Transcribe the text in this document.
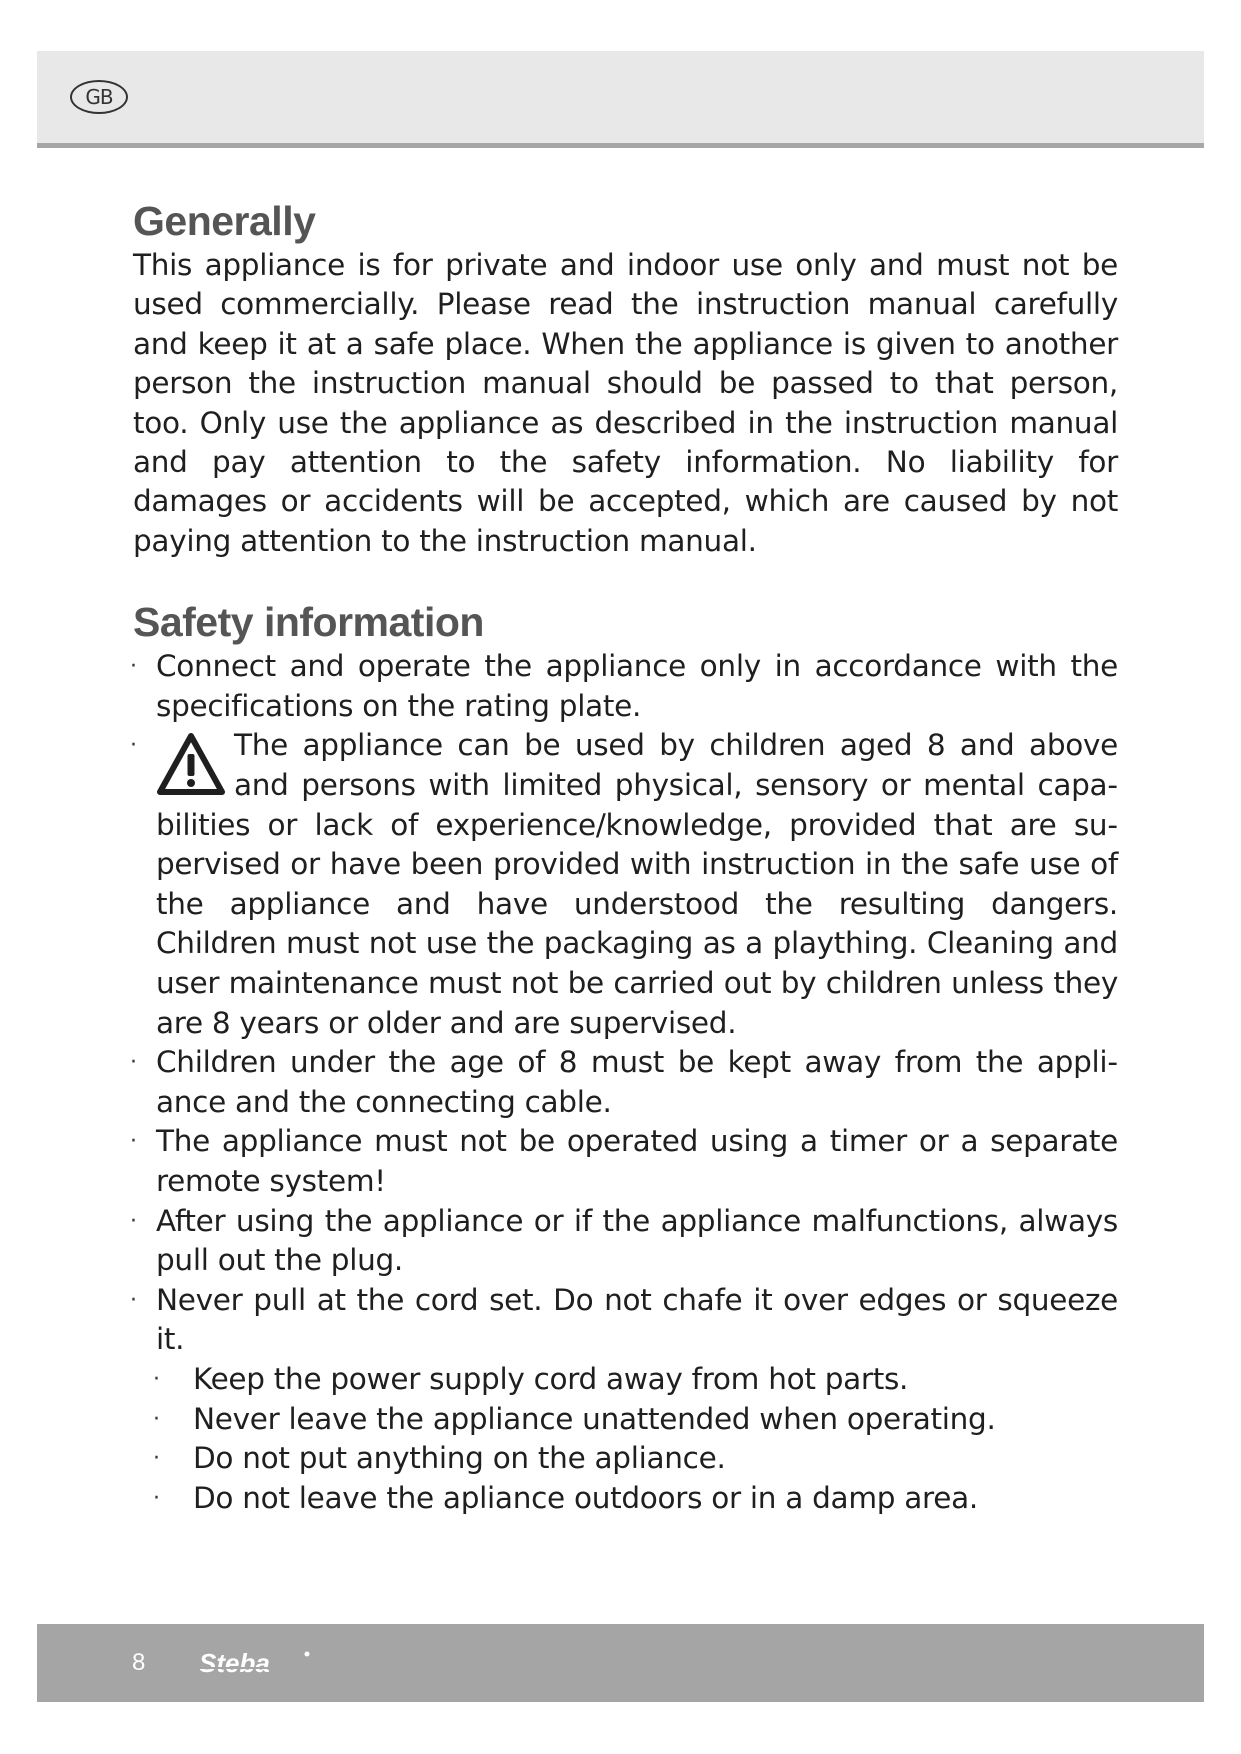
GB
Generally

This appliance is for private and indoor use only and must not be used commercially. Please read the instruction manual carefully and keep it at a safe place. When the appliance is given to another person the instruction manual should be passed to that person, too. Only use the appliance as described in the instruction manual and pay attention to the safety information. No liability for damages or accidents will be accepted, which are caused by not paying attention to the instruction manual.

Safety information
· Connect and operate the appliance only in accordance with the specifications on the rating plate.
·	The appliance can be used by children aged 8 and above and persons with limited physical, sensory or mental capabilities or lack of experience/knowledge, provided that are supervised or have been provided with instruction in the safe use of the appliance and have understood the resulting dangers. Children must not use the packaging as a plaything. Cleaning and user maintenance must not be carried out by children unless they are 8 years or older and are supervised.
· Children under the age of 8 must be kept away from the appliance and the connecting cable.
· The appliance must not be operated using a timer or a separate remote system!
· After using the appliance or if the appliance malfunctions, always pull out the plug.
· Never pull at the cord set. Do not chafe it over edges or squeeze it.
· Keep the power supply cord away from hot parts.
· Never leave the appliance unattended when operating.
· Do not put anything on the apliance.
· Do not leave the apliance outdoors or in a damp area.
8 Steba
